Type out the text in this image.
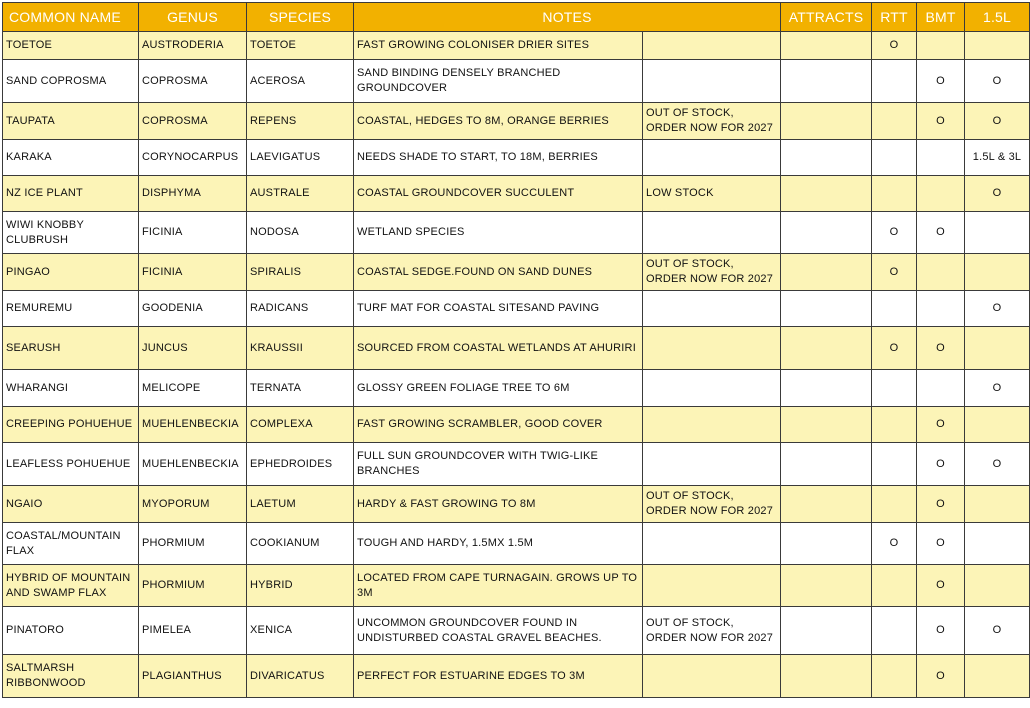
COMMON NAME	GENUS	SPECIES	NOTES		ATTRACTS	RTT	BMT	1.5L
TOETOE	AUSTRODERIA	TOETOE	FAST GROWING COLONISER DRIER SITES			O		
SAND COPROSMA	COPROSMA	ACEROSA	SAND BINDING DENSELY BRANCHED GROUNDCOVER				O	O
TAUPATA	COPROSMA	REPENS	COASTAL, HEDGES TO 8M, ORANGE BERRIES	OUT OF STOCK, ORDER NOW FOR 2027			O	O
KARAKA	CORYNOCARPUS	LAEVIGATUS	NEEDS SHADE TO START, TO 18M, BERRIES					1.5L & 3L
NZ ICE PLANT	DISPHYMA	AUSTRALE	COASTAL GROUNDCOVER SUCCULENT	LOW STOCK				O
WIWI KNOBBY CLUBRUSH	FICINIA	NODOSA	WETLAND SPECIES			O	O	
PINGAO	FICINIA	SPIRALIS	COASTAL SEDGE.FOUND ON SAND DUNES	OUT OF STOCK, ORDER NOW FOR 2027		O		
REMUREMU	GOODENIA	RADICANS	TURF MAT FOR COASTAL SITESAND PAVING					O
SEARUSH	JUNCUS	KRAUSSII	SOURCED FROM COASTAL WETLANDS AT AHURIRI			O	O	
WHARANGI	MELICOPE	TERNATA	GLOSSY GREEN FOLIAGE TREE TO 6M					O
CREEPING POHUEHUE	MUEHLENBECKIA	COMPLEXA	FAST GROWING SCRAMBLER, GOOD COVER				O	
LEAFLESS POHUEHUE	MUEHLENBECKIA	EPHEDROIDES	FULL SUN GROUNDCOVER WITH TWIG-LIKE BRANCHES				O	O
NGAIO	MYOPORUM	LAETUM	HARDY & FAST GROWING TO 8M	OUT OF STOCK, ORDER NOW FOR 2027			O	
COASTAL/MOUNTAIN FLAX	PHORMIUM	COOKIANUM	TOUGH AND HARDY, 1.5MX 1.5M			O	O	
HYBRID OF MOUNTAIN AND SWAMP FLAX	PHORMIUM	HYBRID	LOCATED FROM CAPE TURNAGAIN. GROWS UP TO 3M				O	
PINATORO	PIMELEA	XENICA	UNCOMMON GROUNDCOVER FOUND IN UNDISTURBED COASTAL GRAVEL BEACHES.	OUT OF STOCK, ORDER NOW FOR 2027			O	O
SALTMARSH RIBBONWOOD	PLAGIANTHUS	DIVARICATUS	PERFECT FOR ESTUARINE EDGES TO 3M				O	
